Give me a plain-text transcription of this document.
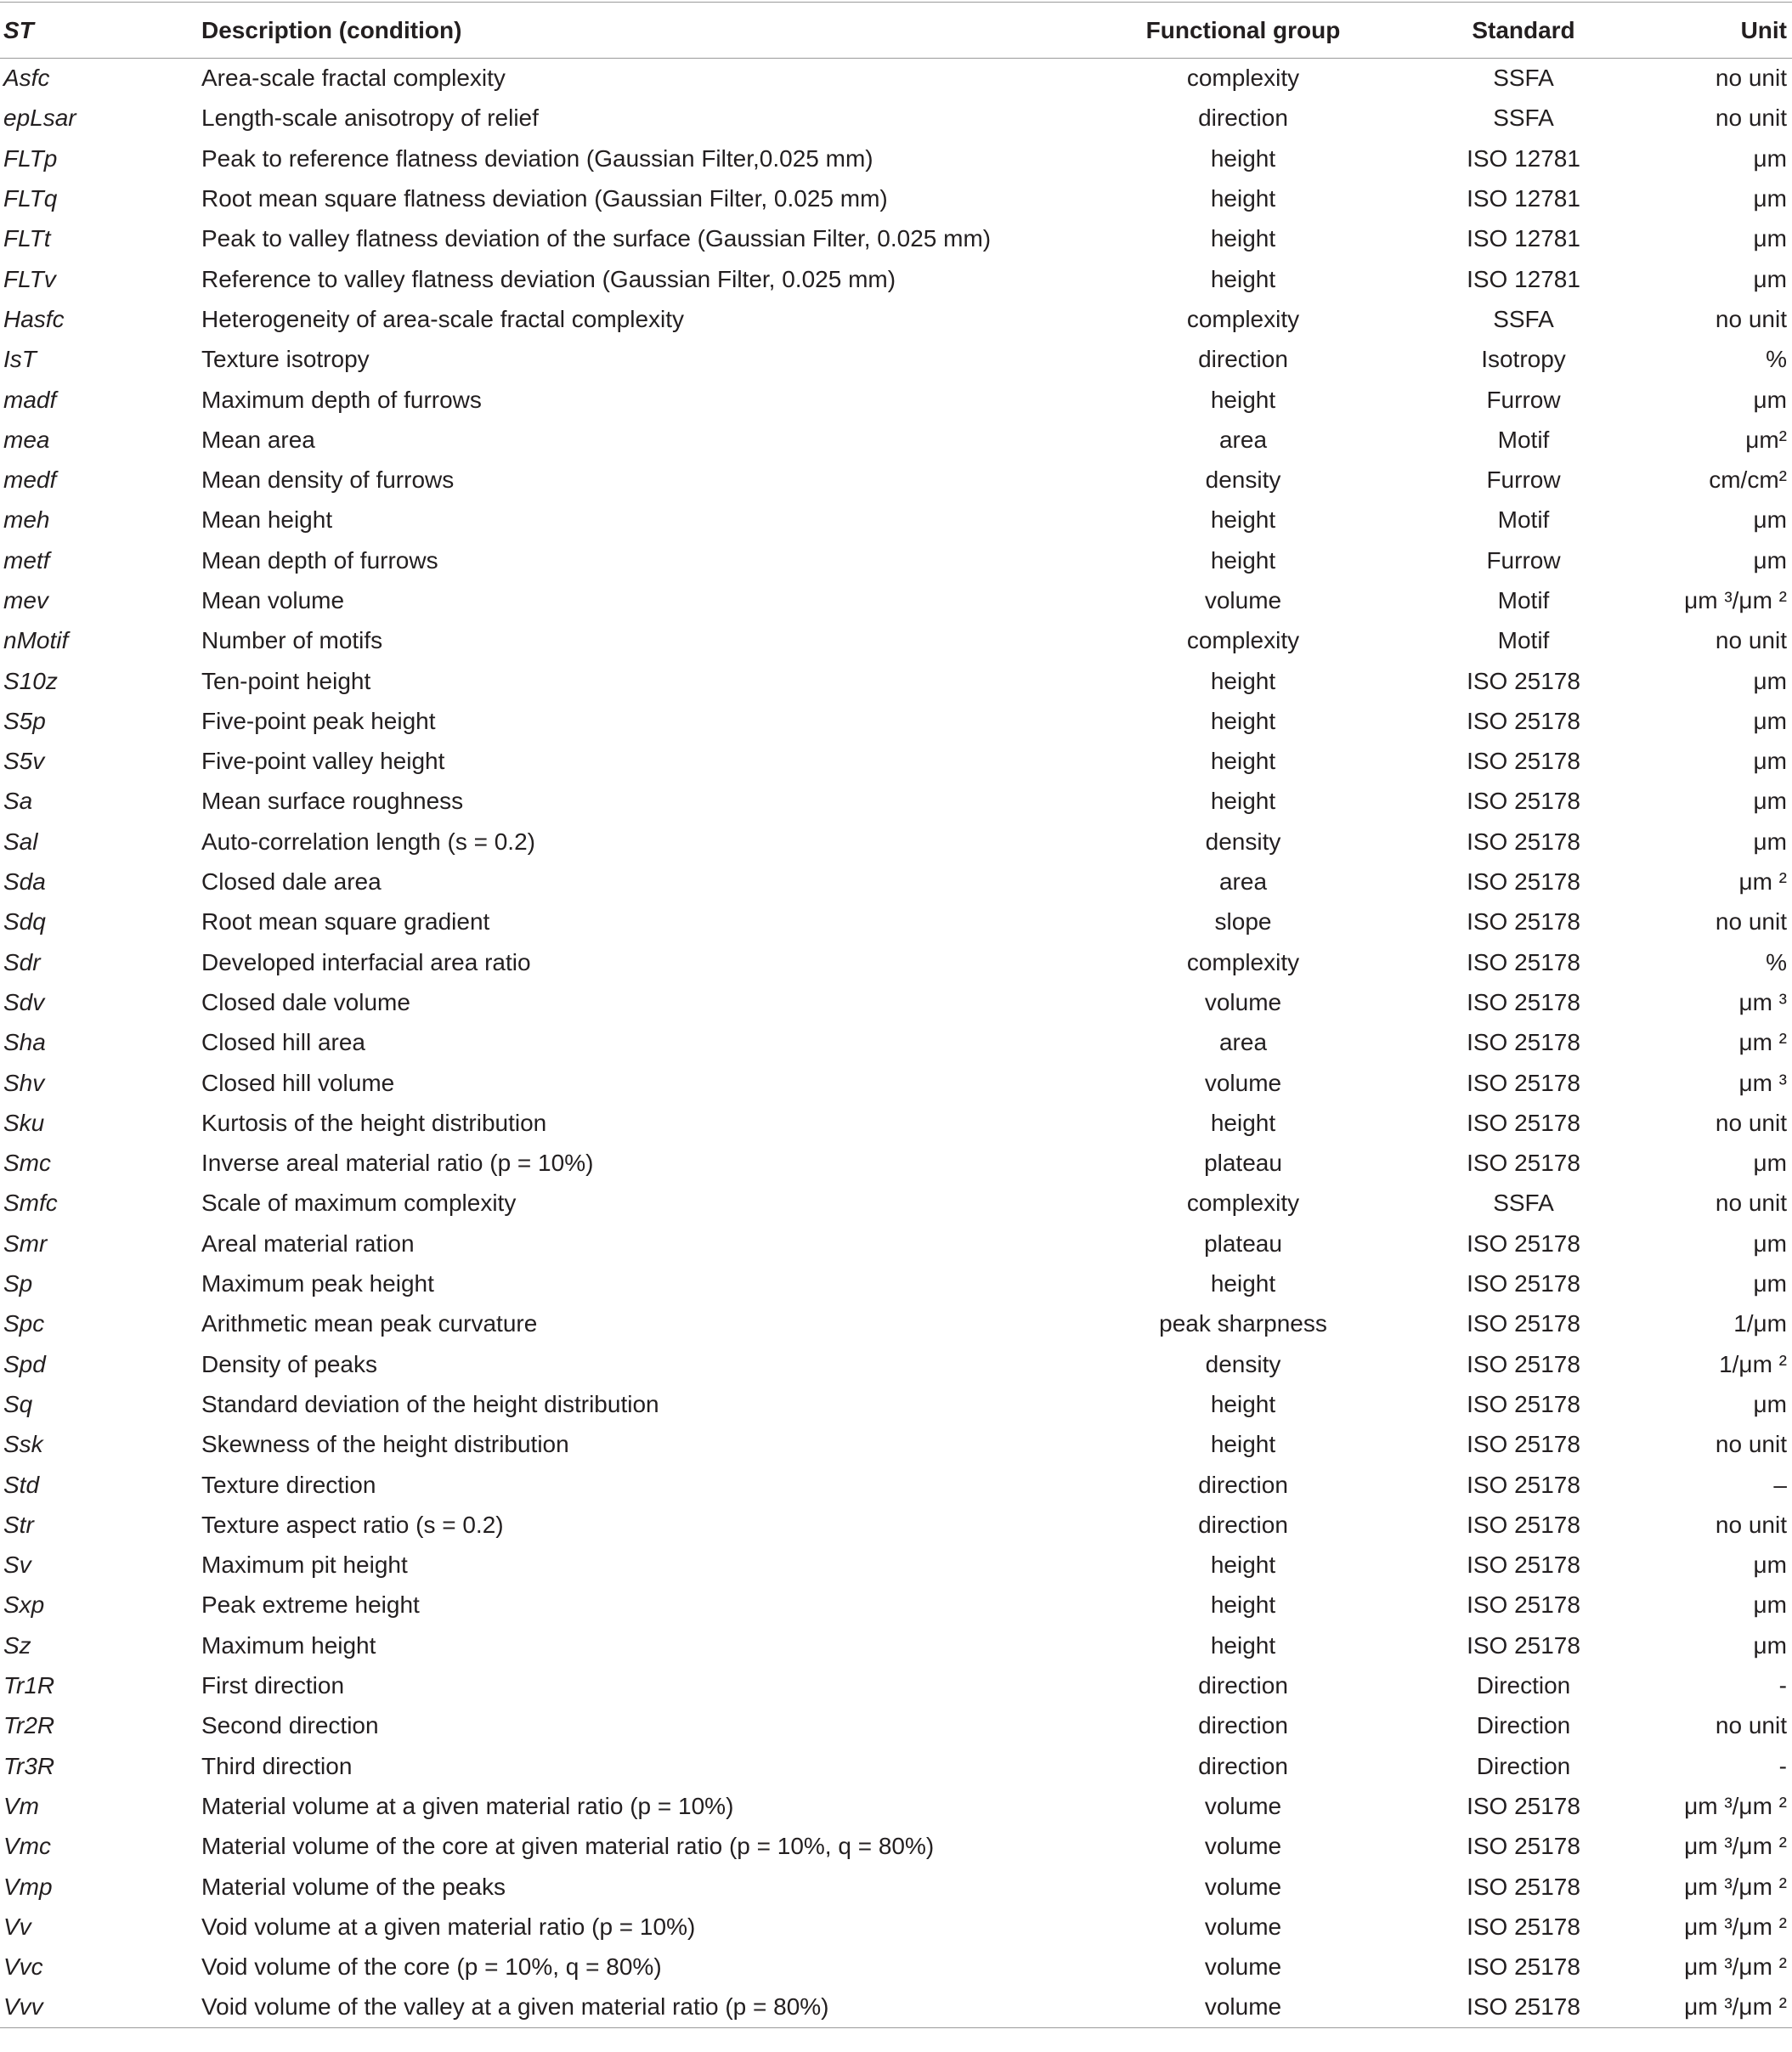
ST	Description (condition)	Functional group	Standard	Unit
Asfc	Area-scale fractal complexity	complexity	SSFA	no unit
epLsar	Length-scale anisotropy of relief	direction	SSFA	no unit
FLTp	Peak to reference flatness deviation (Gaussian Filter,0.025 mm)	height	ISO 12781	μm
FLTq	Root mean square flatness deviation (Gaussian Filter, 0.025 mm)	height	ISO 12781	μm
FLTt	Peak to valley flatness deviation of the surface (Gaussian Filter, 0.025 mm)	height	ISO 12781	μm
FLTv	Reference to valley flatness deviation (Gaussian Filter, 0.025 mm)	height	ISO 12781	μm
Hasfc	Heterogeneity of area-scale fractal complexity	complexity	SSFA	no unit
IsT	Texture isotropy	direction	Isotropy	%
madf	Maximum depth of furrows	height	Furrow	μm
mea	Mean area	area	Motif	μm²
medf	Mean density of furrows	density	Furrow	cm/cm²
meh	Mean height	height	Motif	μm
metf	Mean depth of furrows	height	Furrow	μm
mev	Mean volume	volume	Motif	μm ³/μm ²
nMotif	Number of motifs	complexity	Motif	no unit
S10z	Ten-point height	height	ISO 25178	μm
S5p	Five-point peak height	height	ISO 25178	μm
S5v	Five-point valley height	height	ISO 25178	μm
Sa	Mean surface roughness	height	ISO 25178	μm
Sal	Auto-correlation length (s = 0.2)	density	ISO 25178	μm
Sda	Closed dale area	area	ISO 25178	μm ²
Sdq	Root mean square gradient	slope	ISO 25178	no unit
Sdr	Developed interfacial area ratio	complexity	ISO 25178	%
Sdv	Closed dale volume	volume	ISO 25178	μm ³
Sha	Closed hill area	area	ISO 25178	μm ²
Shv	Closed hill volume	volume	ISO 25178	μm ³
Sku	Kurtosis of the height distribution	height	ISO 25178	no unit
Smc	Inverse areal material ratio (p = 10%)	plateau	ISO 25178	μm
Smfc	Scale of maximum complexity	complexity	SSFA	no unit
Smr	Areal material ration	plateau	ISO 25178	μm
Sp	Maximum peak height	height	ISO 25178	μm
Spc	Arithmetic mean peak curvature	peak sharpness	ISO 25178	1/μm
Spd	Density of peaks	density	ISO 25178	1/μm ²
Sq	Standard deviation of the height distribution	height	ISO 25178	μm
Ssk	Skewness of the height distribution	height	ISO 25178	no unit
Std	Texture direction	direction	ISO 25178	–
Str	Texture aspect ratio (s = 0.2)	direction	ISO 25178	no unit
Sv	Maximum pit height	height	ISO 25178	μm
Sxp	Peak extreme height	height	ISO 25178	μm
Sz	Maximum height	height	ISO 25178	μm
Tr1R	First direction	direction	Direction	-
Tr2R	Second direction	direction	Direction	no unit
Tr3R	Third direction	direction	Direction	-
Vm	Material volume at a given material ratio (p = 10%)	volume	ISO 25178	μm ³/μm ²
Vmc	Material volume of the core at given material ratio (p = 10%, q = 80%)	volume	ISO 25178	μm ³/μm ²
Vmp	Material volume of the peaks	volume	ISO 25178	μm ³/μm ²
Vv	Void volume at a given material ratio (p = 10%)	volume	ISO 25178	μm ³/μm ²
Vvc	Void volume of the core (p = 10%, q = 80%)	volume	ISO 25178	μm ³/μm ²
Vvv	Void volume of the valley at a given material ratio (p = 80%)	volume	ISO 25178	μm ³/μm ²
